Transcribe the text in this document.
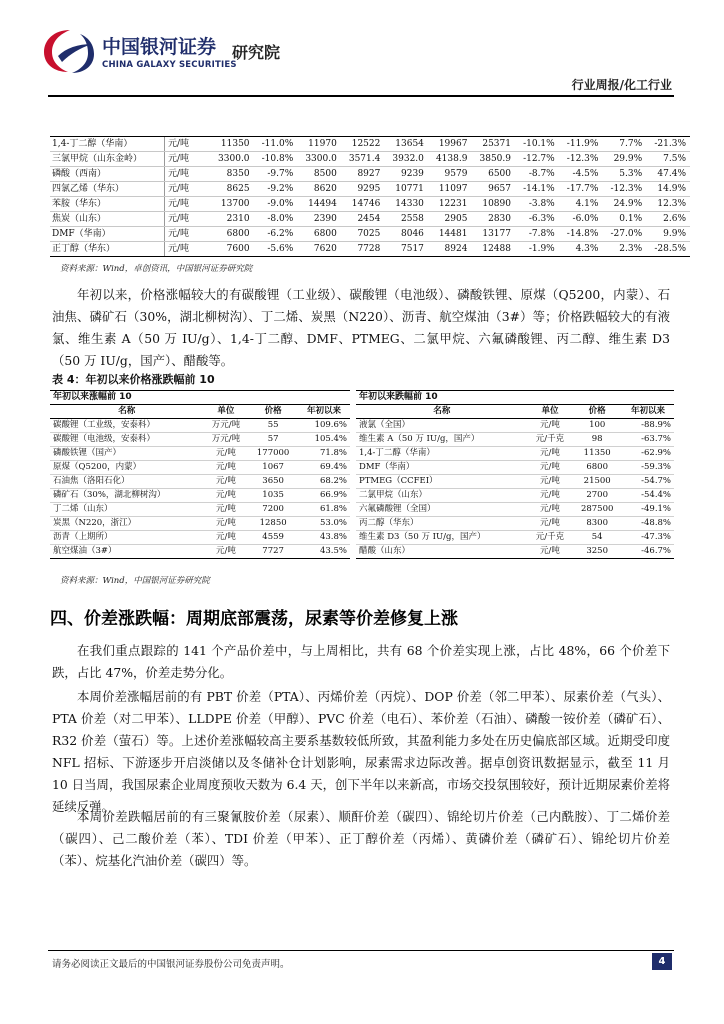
中国银河证券
CHINA GALAXY SECURITIES
研究院
行业周报/化工行业
1,4-丁二醇（华南）	元/吨	11350	-11.0%	11970	12522	13654	19967	25371	-10.1%	-11.9%	7.7%	-21.3%
三氯甲烷（山东金岭）	元/吨	3300.0	-10.8%	3300.0	3571.4	3932.0	4138.9	3850.9	-12.7%	-12.3%	29.9%	7.5%
磷酸（西南）	元/吨	8350	-9.7%	8500	8927	9239	9579	6500	-8.7%	-4.5%	5.3%	47.4%
四氯乙烯（华东）	元/吨	8625	-9.2%	8620	9295	10771	11097	9657	-14.1%	-17.7%	-12.3%	14.9%
苯胺（华东）	元/吨	13700	-9.0%	14494	14746	14330	12231	10890	-3.8%	4.1%	24.9%	12.3%
焦炭（山东）	元/吨	2310	-8.0%	2390	2454	2558	2905	2830	-6.3%	-6.0%	0.1%	2.6%
DMF（华南）	元/吨	6800	-6.2%	6800	7025	8046	14481	13177	-7.8%	-14.8%	-27.0%	9.9%
正丁醇（华东）	元/吨	7600	-5.6%	7620	7728	7517	8924	12488	-1.9%	4.3%	2.3%	-28.5%
资料来源：Wind，卓创资讯，中国银河证券研究院

年初以来，价格涨幅较大的有碳酸锂（工业级）、碳酸锂（电池级）、磷酸铁锂、原煤（Q5200，内蒙）、石油焦、磷矿石（30%，湖北柳树沟）、丁二烯、炭黑（N220）、沥青、航空煤油（3#）等；价格跌幅较大的有液氯、维生素 A（50 万 IU/g）、1,4-丁二醇、DMF、PTMEG、二氯甲烷、六氟磷酸锂、丙二醇、维生素 D3（50 万 IU/g，国产）、醋酸等。

表 4：年初以来价格涨跌幅前 10
年初以来涨幅前 10			
名称	单位	价格	年初以来
碳酸锂（工业级，安泰科）	万元/吨	55	109.6%
碳酸锂（电池级，安泰科）	万元/吨	57	105.4%
磷酸铁锂（国产）	元/吨	177000	71.8%
原煤（Q5200，内蒙）	元/吨	1067	69.4%
石油焦（洛阳石化）	元/吨	3650	68.2%
磷矿石（30%，湖北柳树沟）	元/吨	1035	66.9%
丁二烯（山东）	元/吨	7200	61.8%
炭黑（N220，浙江）	元/吨	12850	53.0%
沥青（上期所）	元/吨	4559	43.8%
航空煤油（3#）	元/吨	7727	43.5%
年初以来跌幅前 10			
名称	单位	价格	年初以来
液氯（全国）	元/吨	100	-88.9%
维生素 A（50 万 IU/g，国产）	元/千克	98	-63.7%
1,4-丁二醇（华南）	元/吨	11350	-62.9%
DMF（华南）	元/吨	6800	-59.3%
PTMEG（CCFEI）	元/吨	21500	-54.7%
二氯甲烷（山东）	元/吨	2700	-54.4%
六氟磷酸锂（全国）	元/吨	287500	-49.1%
丙二醇（华东）	元/吨	8300	-48.8%
维生素 D3（50 万 IU/g，国产）	元/千克	54	-47.3%
醋酸（山东）	元/吨	3250	-46.7%
资料来源：Wind，中国银河证券研究院
四、价差涨跌幅：周期底部震荡，尿素等价差修复上涨

在我们重点跟踪的 141 个产品价差中，与上周相比，共有 68 个价差实现上涨，占比 48%，66 个价差下跌，占比 47%，价差走势分化。

本周价差涨幅居前的有 PBT 价差（PTA）、丙烯价差（丙烷）、DOP 价差（邻二甲苯）、尿素价差（气头）、PTA 价差（对二甲苯）、LLDPE 价差（甲醇）、PVC 价差（电石）、苯价差（石油）、磷酸一铵价差（磷矿石）、R32 价差（萤石）等。上述价差涨幅较高主要系基数较低所致，其盈利能力多处在历史偏底部区域。近期受印度 NFL 招标、下游逐步开启淡储以及冬储补仓计划影响，尿素需求边际改善。据卓创资讯数据显示，截至 11 月 10 日当周，我国尿素企业周度预收天数为 6.4 天，创下半年以来新高，市场交投氛围较好，预计近期尿素价差将延续反弹。

本周价差跌幅居前的有三聚氰胺价差（尿素）、顺酐价差（碳四）、锦纶切片价差（己内酰胺）、丁二烯价差（碳四）、己二酸价差（苯）、TDI 价差（甲苯）、正丁醇价差（丙烯）、黄磷价差（磷矿石）、锦纶切片价差（苯）、烷基化汽油价差（碳四）等。

请务必阅读正文最后的中国银河证券股份公司免责声明。	4
